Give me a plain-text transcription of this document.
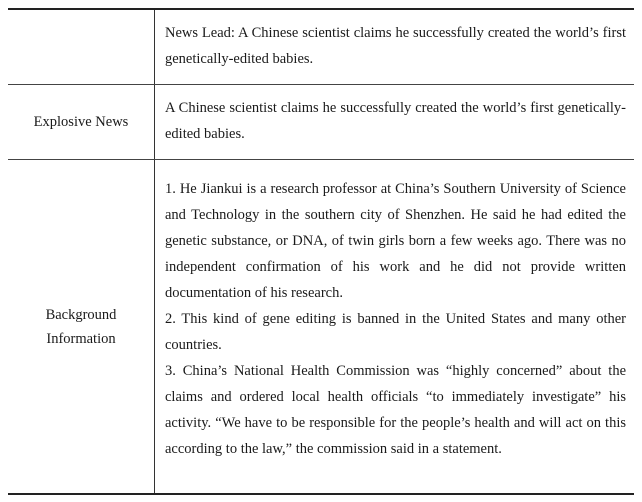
News Lead: A Chinese scientist claims he successfully created the world’s first genetically-edited babies.
Explosive News
A Chinese scientist claims he successfully created the world’s first genetically-edited babies.
Background
Information

1. He Jiankui is a research professor at China’s Southern University of Science and Technology in the southern city of Shenzhen. He said he had edited the genetic substance, or DNA, of twin girls born a few weeks ago. There was no independent confirmation of his work and he did not provide written documentation of his research.

2. This kind of gene editing is banned in the United States and many other countries.

3. China’s National Health Commission was “highly concerned” about the claims and ordered local health officials “to immediately investigate” his activity. “We have to be responsible for the people’s health and will act on this according to the law,” the commission said in a statement.
